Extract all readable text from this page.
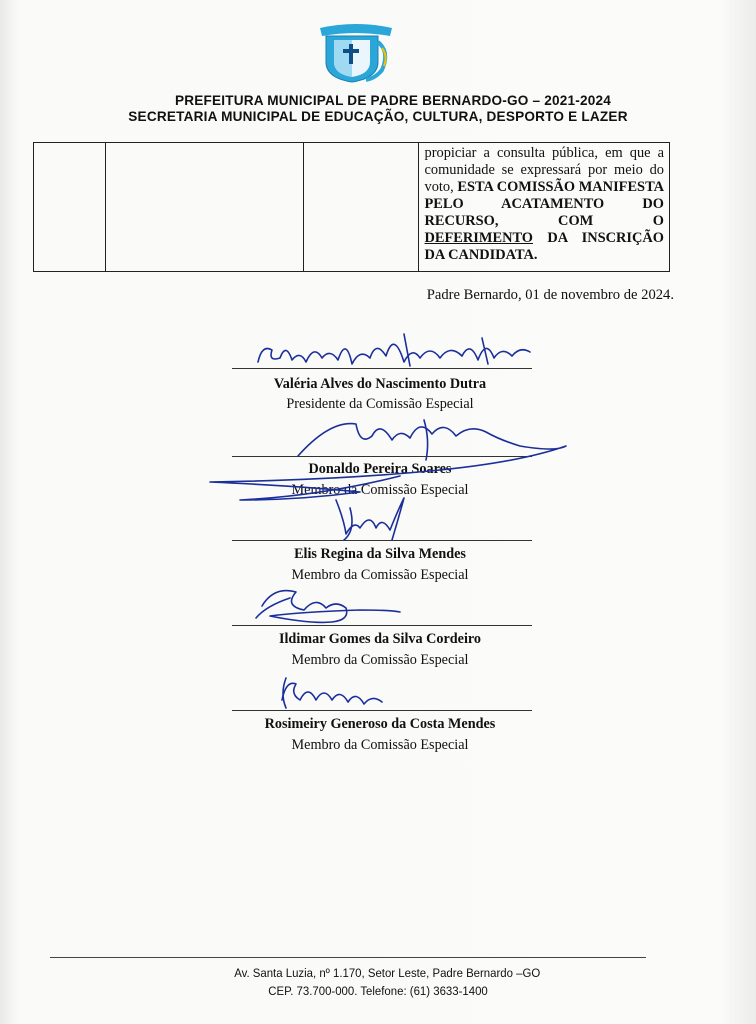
PREFEITURA MUNICIPAL DE PADRE BERNARDO-GO – 2021-2024
SECRETARIA MUNICIPAL DE EDUCAÇÃO, CULTURA, DESPORTO E LAZER
			propiciar a consulta pública, em que a comunidade se expressará por meio do voto, ESTA COMISSÃO MANIFESTA PELO ACATAMENTO DO RECURSO, COM O DEFERIMENTO DA INSCRIÇÃO DA CANDIDATA.
Padre Bernardo, 01 de novembro de 2024.
Valéria Alves do Nascimento Dutra
Presidente da Comissão Especial
Donaldo Pereira Soares
Membro da Comissão Especial
Elis Regina da Silva Mendes
Membro da Comissão Especial
Ildimar Gomes da Silva Cordeiro
Membro da Comissão Especial
Rosimeiry Generoso da Costa Mendes
Membro da Comissão Especial
Av. Santa Luzia, nº 1.170, Setor Leste, Padre Bernardo –GO
CEP. 73.700-000. Telefone: (61) 3633-1400
